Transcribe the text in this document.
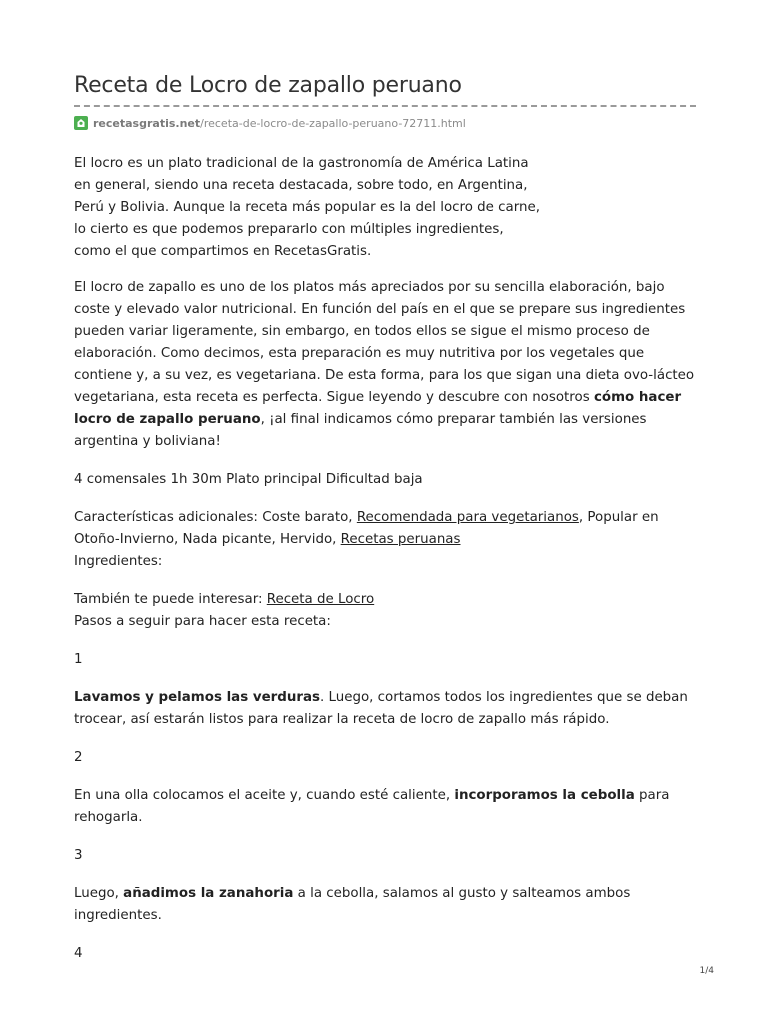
Receta de Locro de zapallo peruano
recetasgratis.net/receta-de-locro-de-zapallo-peruano-72711.html
El locro es un plato tradicional de la gastronomía de América Latina
en general, siendo una receta destacada, sobre todo, en Argentina,
Perú y Bolivia. Aunque la receta más popular es la del locro de carne,
lo cierto es que podemos prepararlo con múltiples ingredientes,
como el que compartimos en RecetasGratis.
El locro de zapallo es uno de los platos más apreciados por su sencilla elaboración, bajo coste y elevado valor nutricional. En función del país en el que se prepare sus ingredientes pueden variar ligeramente, sin embargo, en todos ellos se sigue el mismo proceso de elaboración. Como decimos, esta preparación es muy nutritiva por los vegetales que contiene y, a su vez, es vegetariana. De esta forma, para los que sigan una dieta ovo-lácteo vegetariana, esta receta es perfecta. Sigue leyendo y descubre con nosotros cómo hacer locro de zapallo peruano, ¡al final indicamos cómo preparar también las versiones argentina y boliviana!
4 comensales 1h 30m Plato principal Dificultad baja
Características adicionales: Coste barato, Recomendada para vegetarianos, Popular en Otoño-Invierno, Nada picante, Hervido, Recetas peruanas
Ingredientes:
También te puede interesar: Receta de Locro
Pasos a seguir para hacer esta receta:
1
Lavamos y pelamos las verduras. Luego, cortamos todos los ingredientes que se deban trocear, así estarán listos para realizar la receta de locro de zapallo más rápido.
2
En una olla colocamos el aceite y, cuando esté caliente, incorporamos la cebolla para rehogarla.
3
Luego, añadimos la zanahoria a la cebolla, salamos al gusto y salteamos ambos ingredientes.
4
1/4
